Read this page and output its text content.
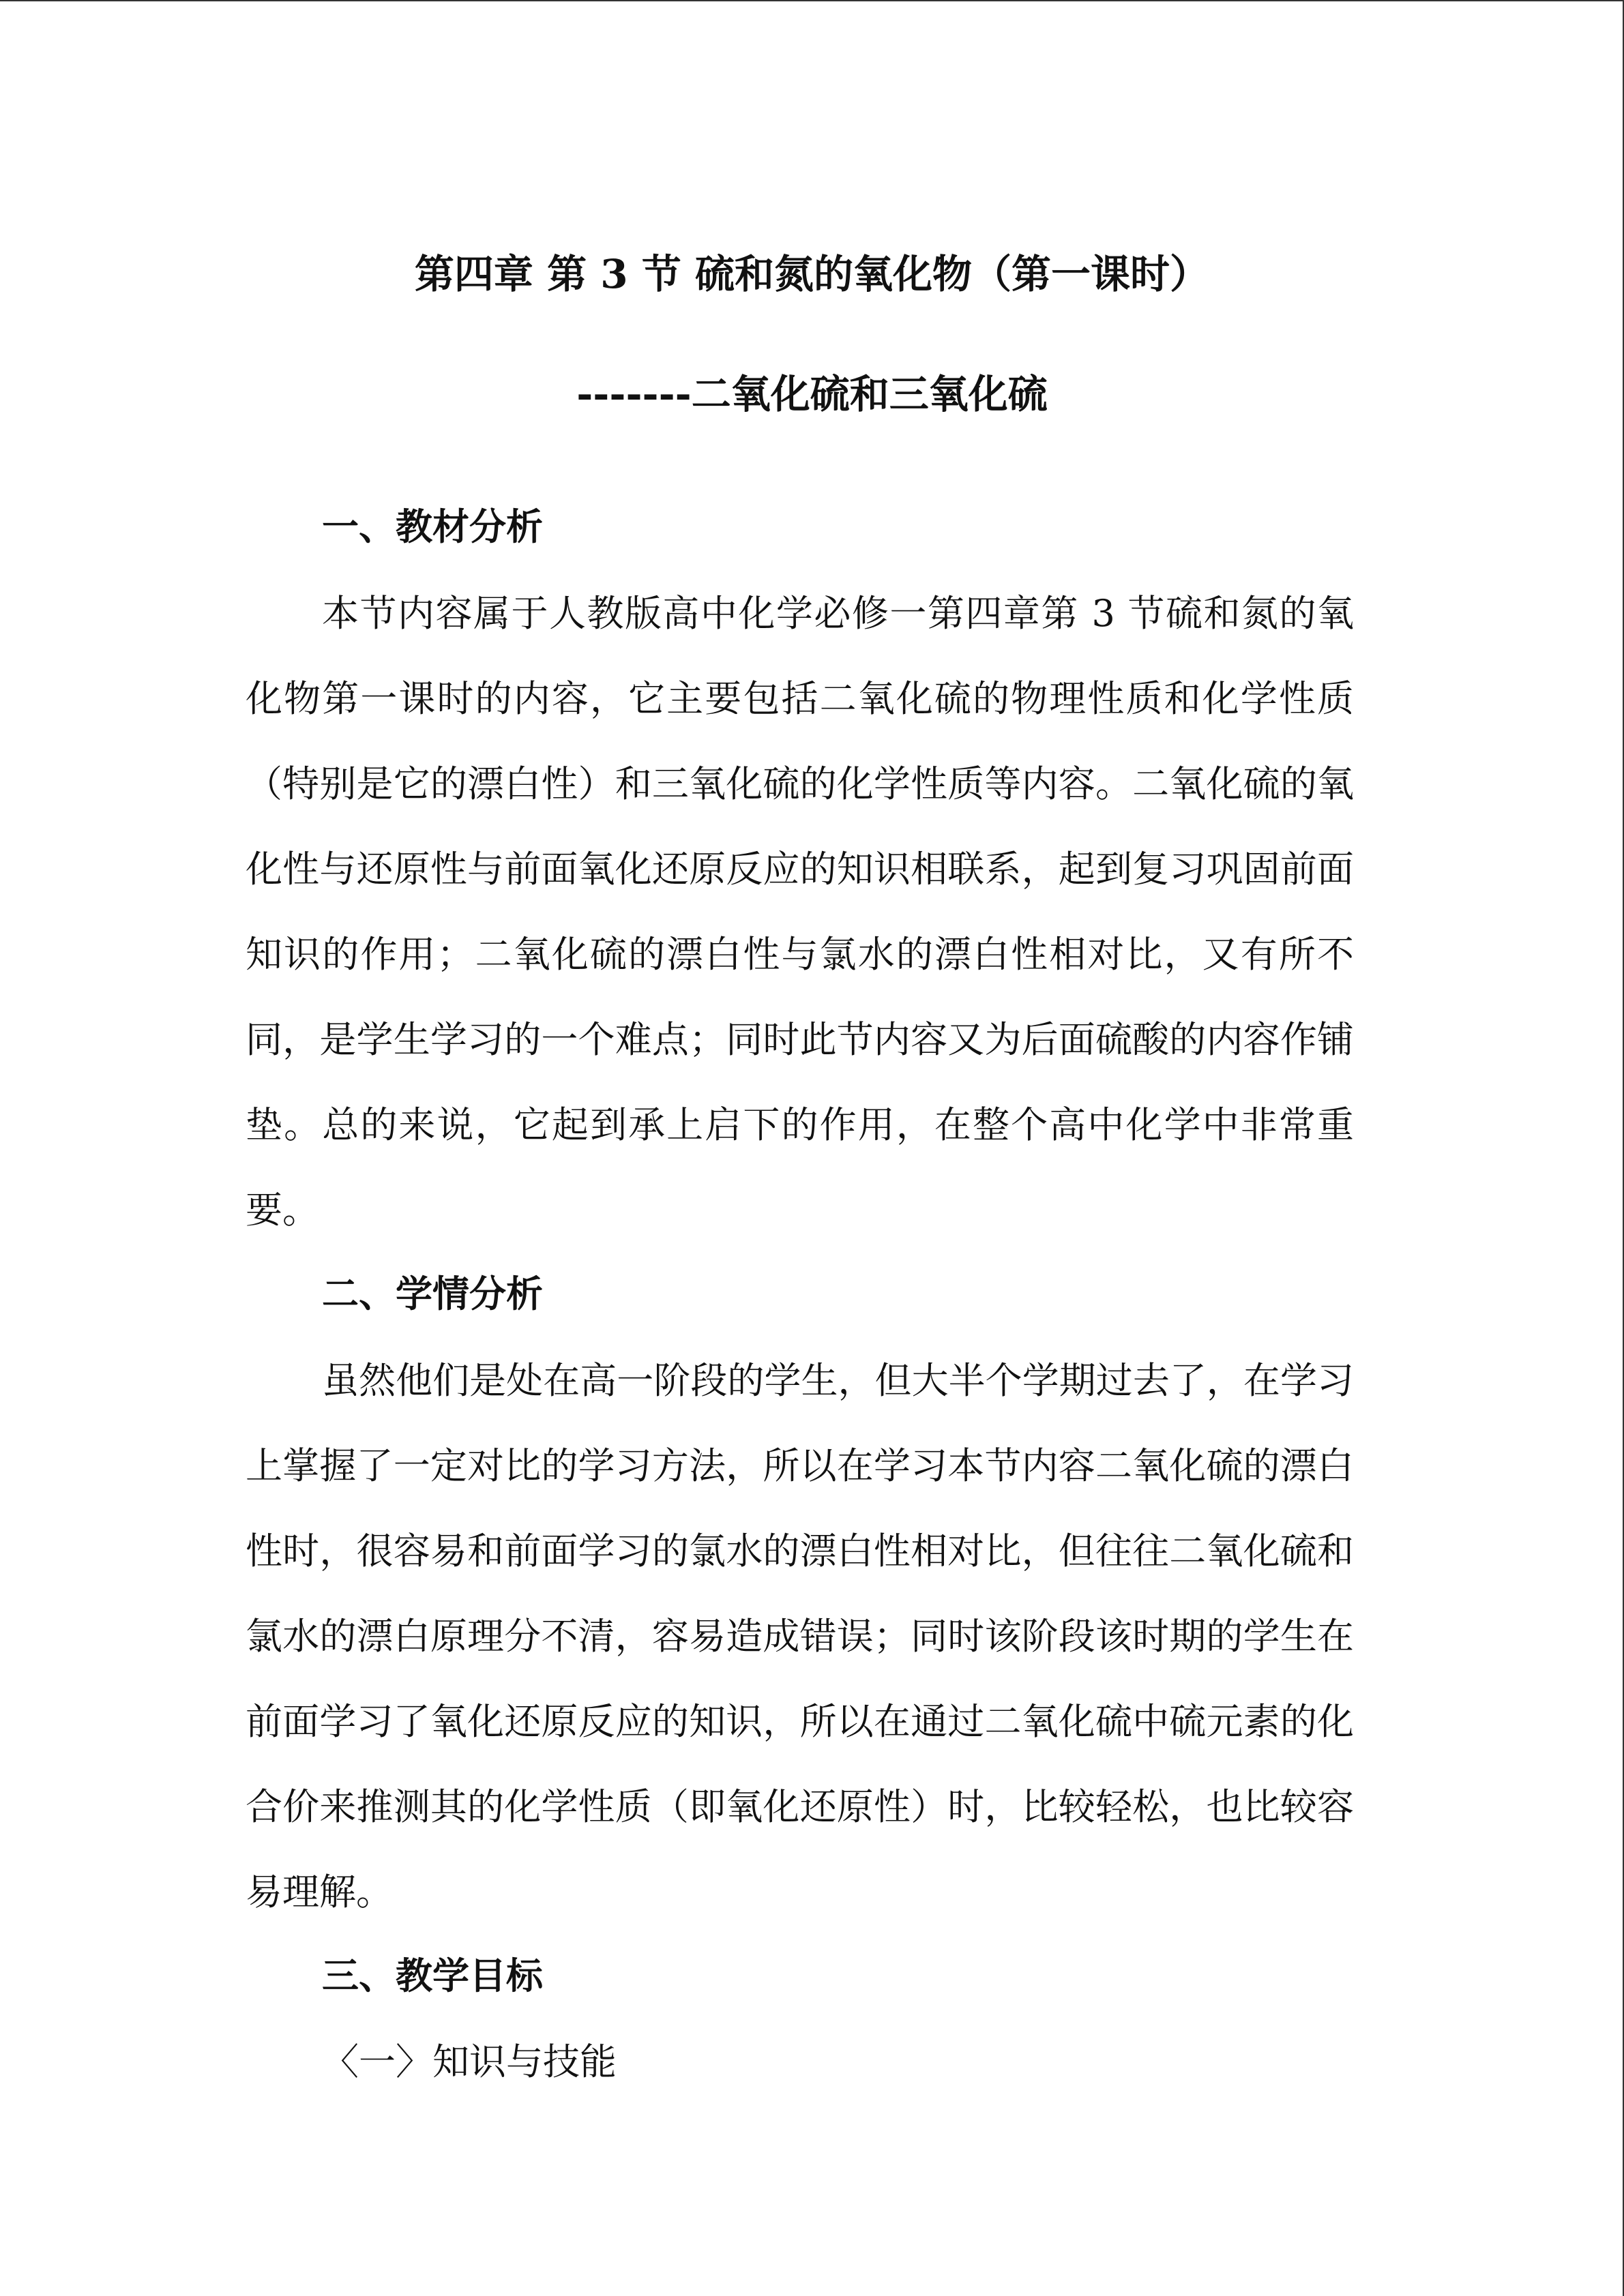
第四章 第 3 节 硫和氮的氧化物（第一课时）
-------二氧化硫和三氧化硫
一、教材分析

本节内容属于人教版高中化学必修一第四章第 3 节硫和氮的氧化物第一课时的内容，它主要包括二氧化硫的物理性质和化学性质（特别是它的漂白性）和三氧化硫的化学性质等内容。二氧化硫的氧化性与还原性与前面氧化还原反应的知识相联系，起到复习巩固前面知识的作用；二氧化硫的漂白性与氯水的漂白性相对比，又有所不同，是学生学习的一个难点；同时此节内容又为后面硫酸的内容作铺垫。总的来说，它起到承上启下的作用，在整个高中化学中非常重要。

二、学情分析

虽然他们是处在高一阶段的学生，但大半个学期过去了，在学习上掌握了一定对比的学习方法，所以在学习本节内容二氧化硫的漂白性时，很容易和前面学习的氯水的漂白性相对比，但往往二氧化硫和氯水的漂白原理分不清，容易造成错误；同时该阶段该时期的学生在前面学习了氧化还原反应的知识，所以在通过二氧化硫中硫元素的化合价来推测其的化学性质（即氧化还原性）时，比较轻松，也比较容易理解。

三、教学目标
〈一〉知识与技能
